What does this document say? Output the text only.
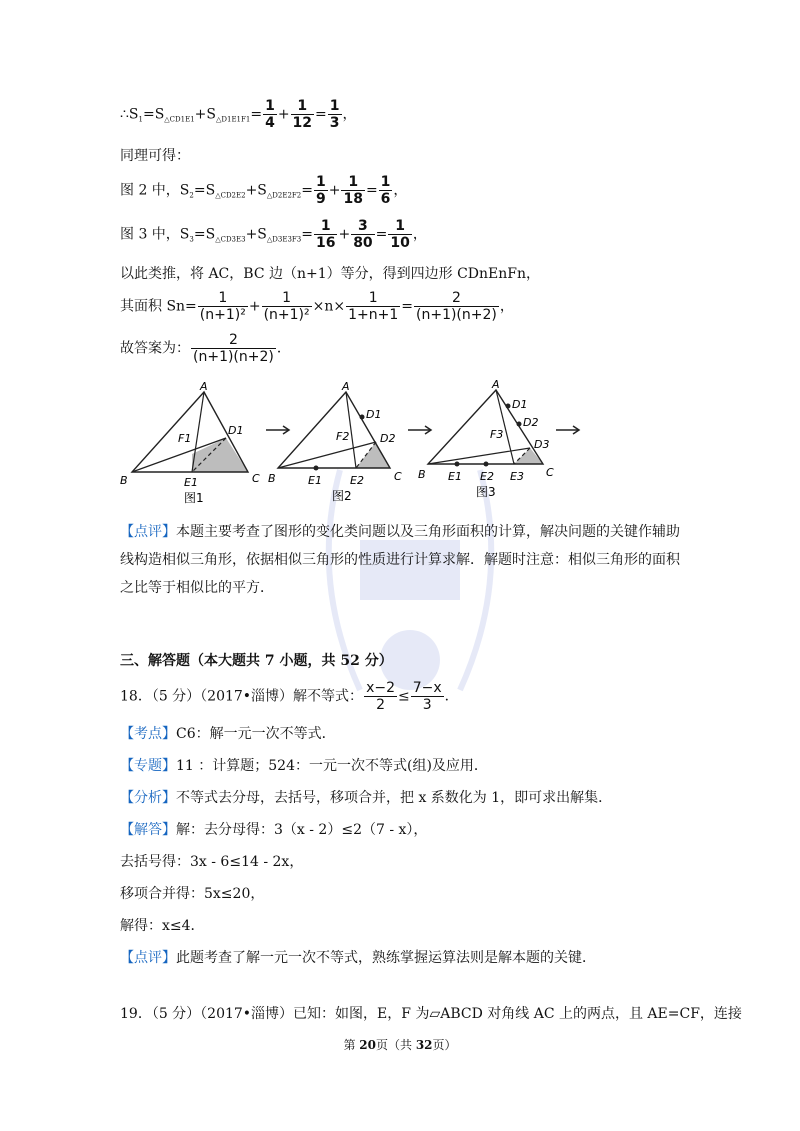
$\therefore S_1=S_{\triangle CD1E1}+S_{\triangle D1E1F1}= \frac{1}{4} + \frac{1}{12} = \frac{1}{3}$ ，
同理可得：
图 2 中，$S_2=S_{\triangle CD2E2}+S_{\triangle D2E2F2}= \frac{1}{9} + \frac{1}{18} = \frac{1}{6}$ ，
图 3 中，$S_3=S_{\triangle CD3E3}+S_{\triangle D3E3F3}= \frac{1}{16} + \frac{3}{80} = \frac{1}{10}$ ，
以此类推，将 AC，BC 边（n+1）等分，得到四边形 CDnEnFn，
其面积 $Sn= \frac{1}{\text{(n+1)²}} + \frac{1}{\text{(n+1)²}} \times n\times \frac{1}{1+n+1} = \frac{2}{(n+1)(n+2)}$ ，
故答案为： $\frac{2}{(n+1)(n+2)}$ ．
A
B	C
D1
E1
F1
图1
A
B	C
D1
D2
E1	E2
F2
图2
A
B	C
D1
D2
D3
E1 E2 E3
F3
图3
【点评】本题主要考查了图形的变化类问题以及三角形面积的计算，解决问题的关键作辅助线构造相似三角形，依据相似三角形的性质进行计算求解．解题时注意：相似三角形的面积之比等于相似比的平方．
三、解答题（本大题共 7 小题，共 52 分）
18．（5 分）（2017•淄博）解不等式： $\frac{x-2}{2} \le \frac{7-x}{3}$ ．
【考点】C6：解一元一次不等式．
【专题】11 ：计算题；524：一元一次不等式(组)及应用．
【分析】不等式去分母，去括号，移项合并，把 x 系数化为 1，即可求出解集．
【解答】解：去分母得：3（x - 2）≤2（7 - x），
去括号得：3x - 6≤14 - 2x，
移项合并得：5x≤20，
解得：x≤4．
【点评】此题考查了解一元一次不等式，熟练掌握运算法则是解本题的关键．
19．（5 分）（2017•淄博）已知：如图，E，F 为▱ABCD 对角线 AC 上的两点，且 AE=CF，连接
第 20页（共 32页）
